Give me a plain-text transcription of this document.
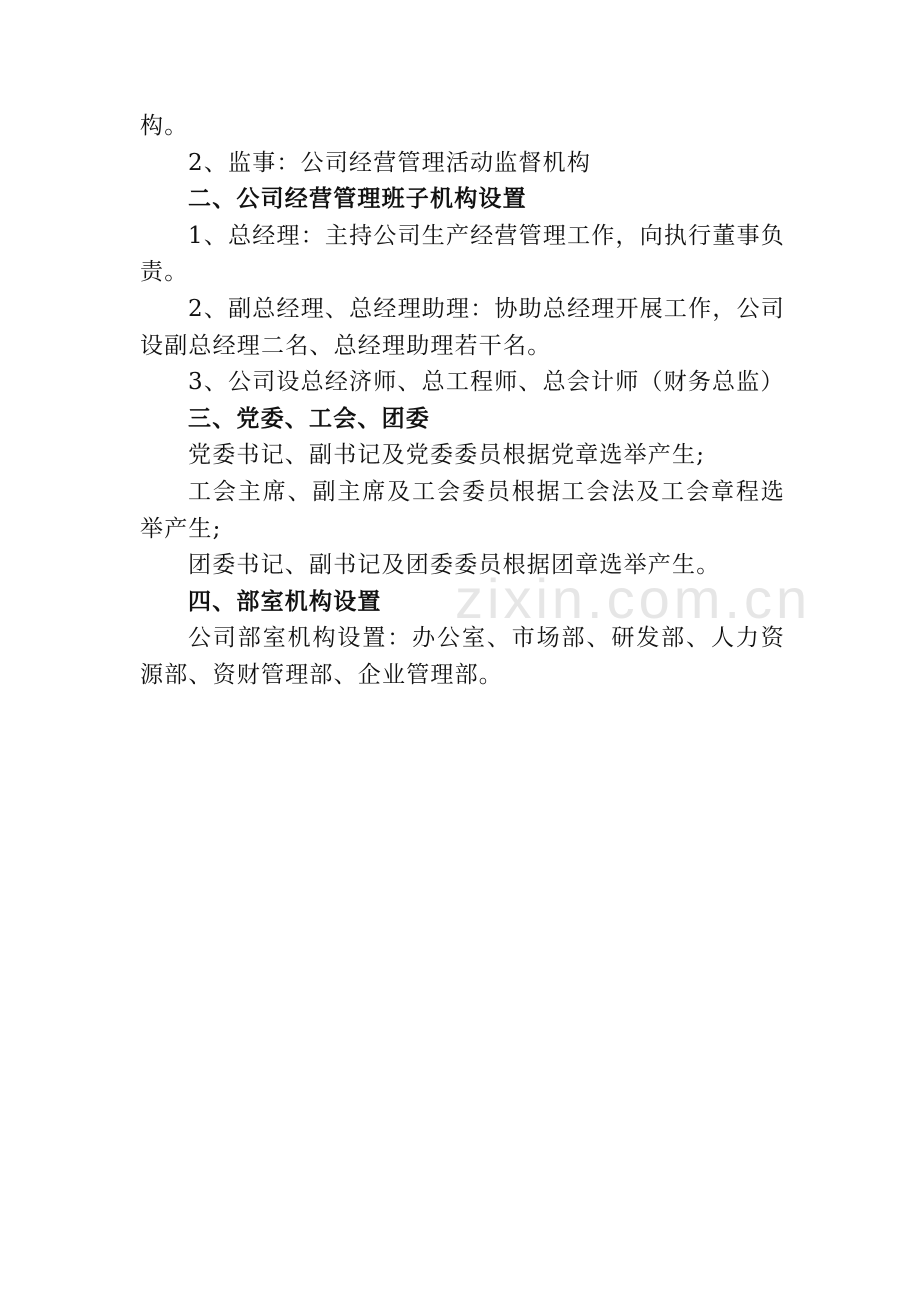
zixin.com.cn

构。

2、监事：公司经营管理活动监督机构

二、公司经营管理班子机构设置

1、总经理：主持公司生产经营管理工作，向执行董事负责。

2、副总经理、总经理助理：协助总经理开展工作，公司设副总经理二名、总经理助理若干名。

3、公司设总经济师、总工程师、总会计师（财务总监）

三、党委、工会、团委

党委书记、副书记及党委委员根据党章选举产生;

工会主席、副主席及工会委员根据工会法及工会章程选举产生;

团委书记、副书记及团委委员根据团章选举产生。

四、部室机构设置

公司部室机构设置：办公室、市场部、研发部、人力资源部、资财管理部、企业管理部。
